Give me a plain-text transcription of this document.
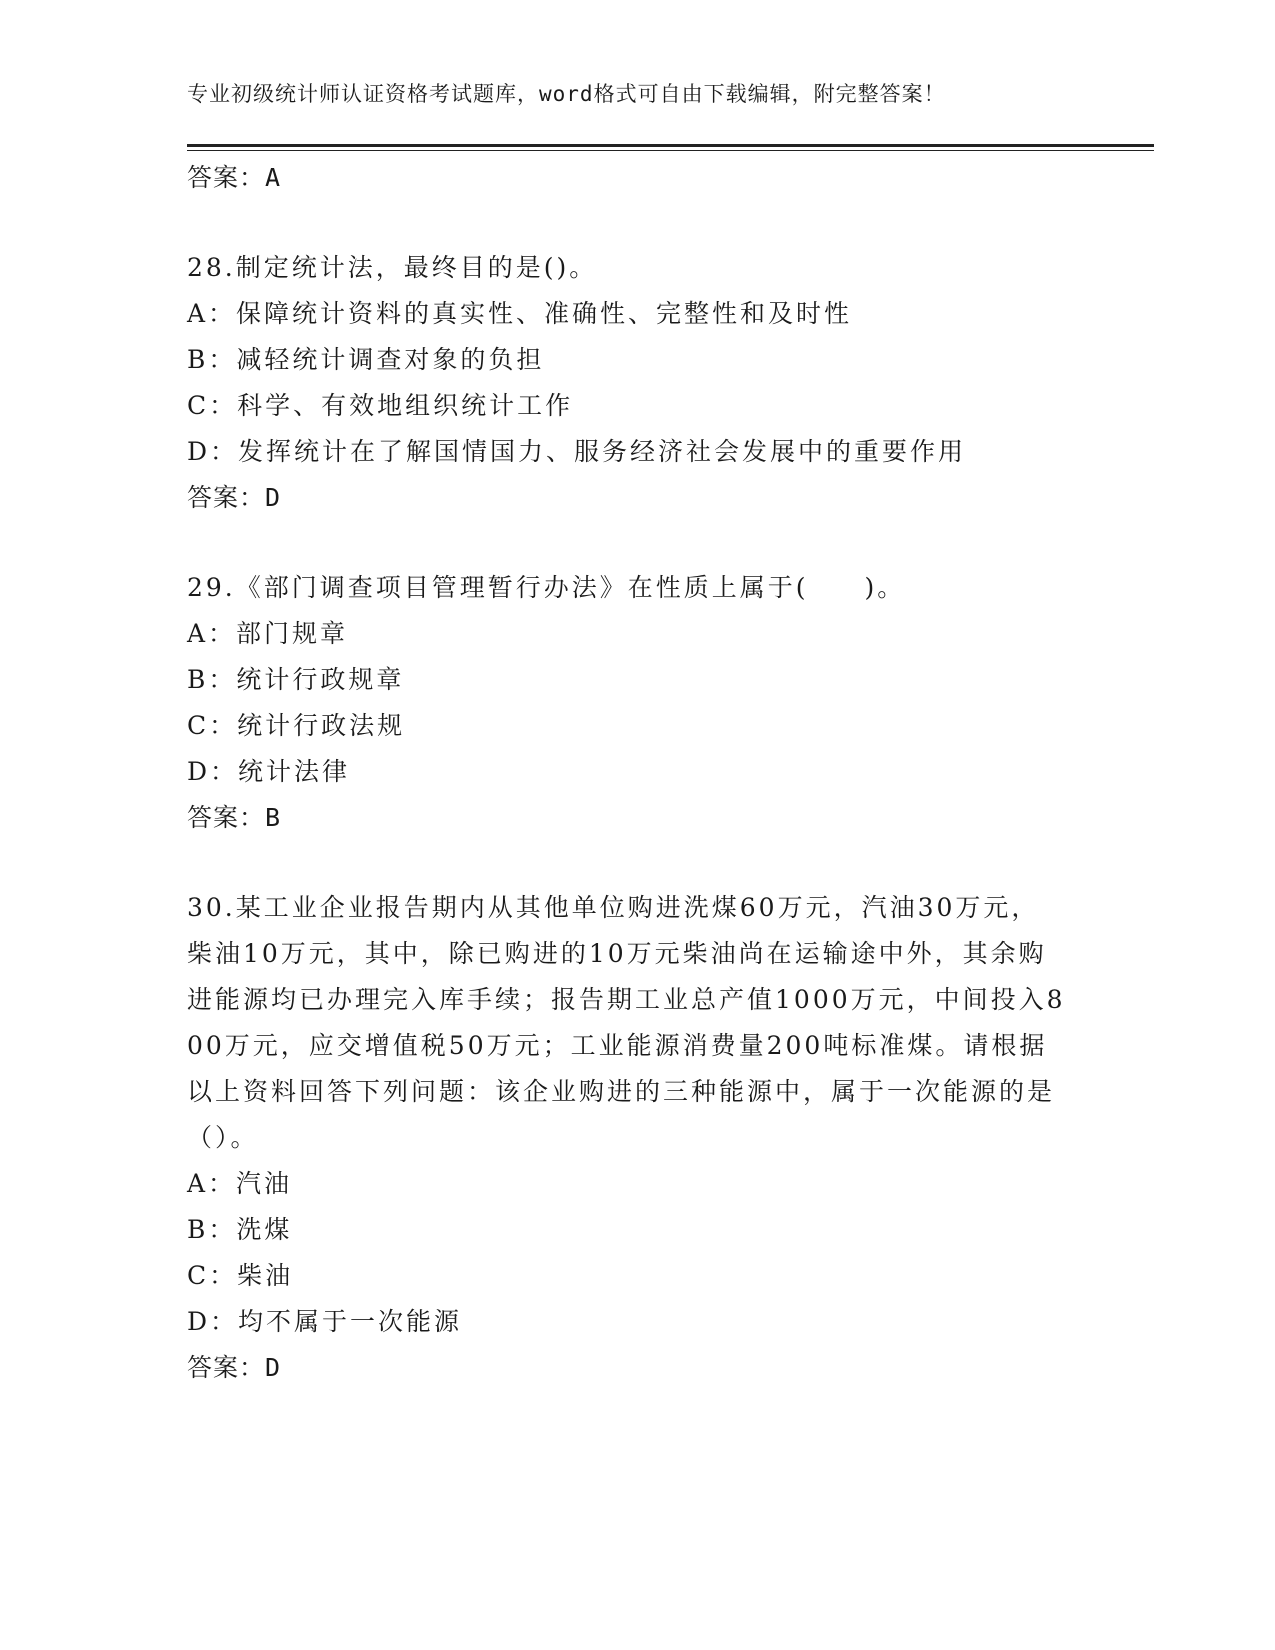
专业初级统计师认证资格考试题库，word格式可自由下载编辑，附完整答案！
答案：A
28.制定统计法，最终目的是()。
A：保障统计资料的真实性、准确性、完整性和及时性
B：减轻统计调查对象的负担
C：科学、有效地组织统计工作
D：发挥统计在了解国情国力、服务经济社会发展中的重要作用
答案：D
29.《部门调查项目管理暂行办法》在性质上属于(　　)。
A：部门规章
B：统计行政规章
C：统计行政法规
D：统计法律
答案：B
30.某工业企业报告期内从其他单位购进洗煤60万元，汽油30万元，柴油10万元，其中，除已购进的10万元柴油尚在运输途中外，其余购进能源均已办理完入库手续；报告期工业总产值1000万元，中间投入800万元，应交增值税50万元；工业能源消费量200吨标准煤。请根据以上资料回答下列问题：该企业购进的三种能源中，属于一次能源的是（）。
A：汽油
B：洗煤
C：柴油
D：均不属于一次能源
答案：D
